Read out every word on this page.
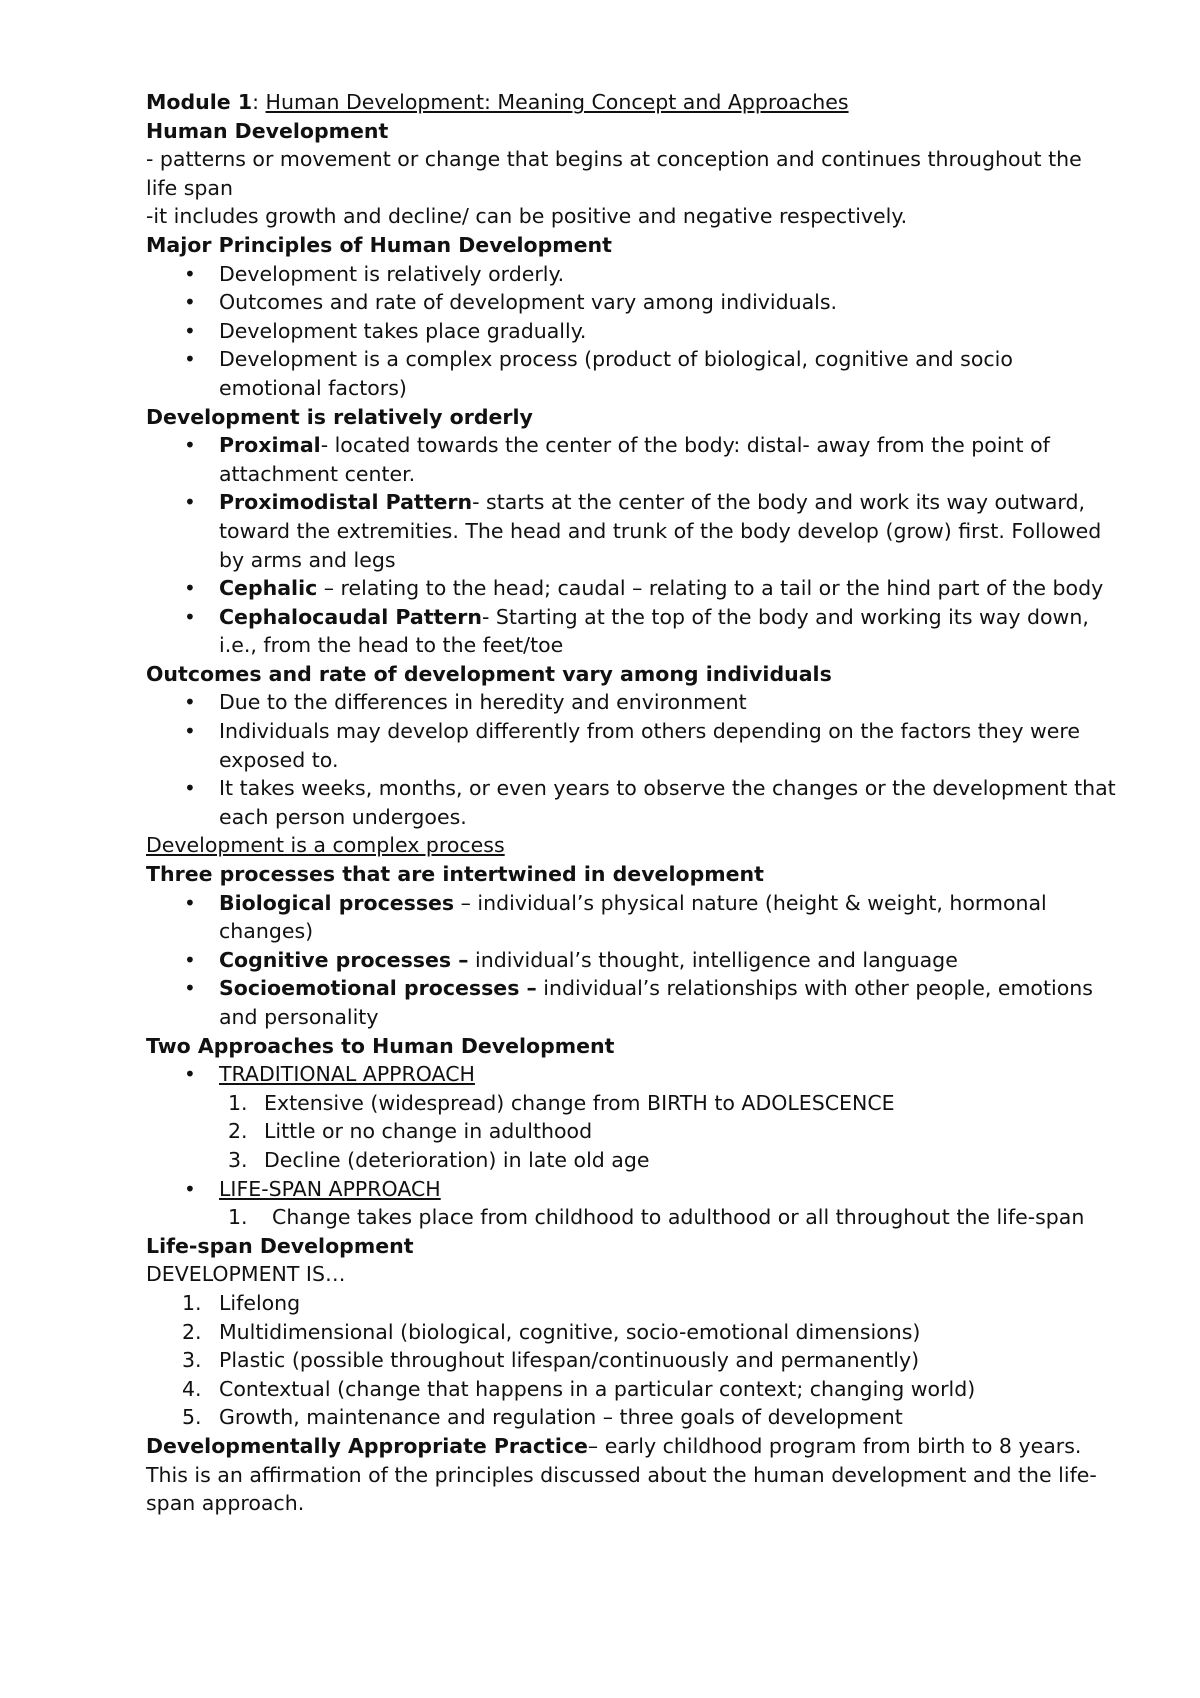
Module 1: Human Development: Meaning Concept and Approaches

Human Development

- patterns or movement or change that begins at conception and continues throughout the life span

-it includes growth and decline/ can be positive and negative respectively.

Major Principles of Human Development

• Development is relatively orderly.
• Outcomes and rate of development vary among individuals.
• Development takes place gradually.
• Development is a complex process (product of biological, cognitive and socio emotional factors)

Development is relatively orderly

• Proximal- located towards the center of the body: distal- away from the point of attachment center.
• Proximodistal Pattern- starts at the center of the body and work its way outward, toward the extremities. The head and trunk of the body develop (grow) first. Followed by arms and legs
• Cephalic – relating to the head; caudal – relating to a tail or the hind part of the body
• Cephalocaudal Pattern- Starting at the top of the body and working its way down, i.e., from the head to the feet/toe

Outcomes and rate of development vary among individuals

• Due to the differences in heredity and environment
• Individuals may develop differently from others depending on the factors they were exposed to.
• It takes weeks, months, or even years to observe the changes or the development that each person undergoes.

Development is a complex process

Three processes that are intertwined in development

• Biological processes – individual’s physical nature (height & weight, hormonal changes)
• Cognitive processes – individual’s thought, intelligence and language
• Socioemotional processes – individual’s relationships with other people, emotions and personality

Two Approaches to Human Development

• TRADITIONAL APPROACH
1. Extensive (widespread) change from BIRTH to ADOLESCENCE
2. Little or no change in adulthood
3. Decline (deterioration) in late old age
• LIFE-SPAN APPROACH
1. Change takes place from childhood to adulthood or all throughout the life-span

Life-span Development

DEVELOPMENT IS…

1. Lifelong
2. Multidimensional (biological, cognitive, socio-emotional dimensions)
3. Plastic (possible throughout lifespan/continuously and permanently)
4. Contextual (change that happens in a particular context; changing world)
5. Growth, maintenance and regulation – three goals of development

Developmentally Appropriate Practice– early childhood program from birth to 8 years. This is an affirmation of the principles discussed about the human development and the life-span approach.
